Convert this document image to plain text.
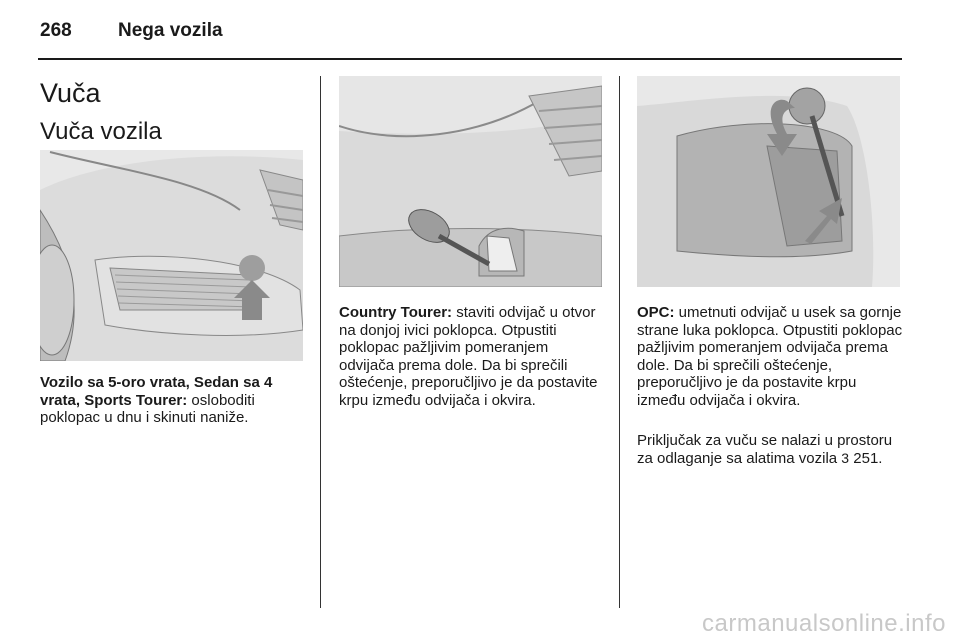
268 Nega vozila
Vuča
Vuča vozila

Vozilo sa 5-oro vrata, Sedan sa 4 vrata, Sports Tourer: osloboditi poklopac u dnu i skinuti naniže.

Country Tourer: staviti odvijač u otvor na donjoj ivici poklopca. Otpustiti poklopac pažljivim pomeranjem odvijača prema dole. Da bi sprečili oštećenje, preporučljivo je da postavite krpu između odvijača i okvira.

OPC: umetnuti odvijač u usek sa gornje strane luka poklopca. Otpustiti poklopac pažljivim pomeranjem odvijača prema dole. Da bi sprečili oštećenje, preporučljivo je da postavite krpu između odvijača i okvira.

Priključak za vuču se nalazi u prostoru za odlaganje sa alatima vozila 3 251.

carmanualsonline.info
